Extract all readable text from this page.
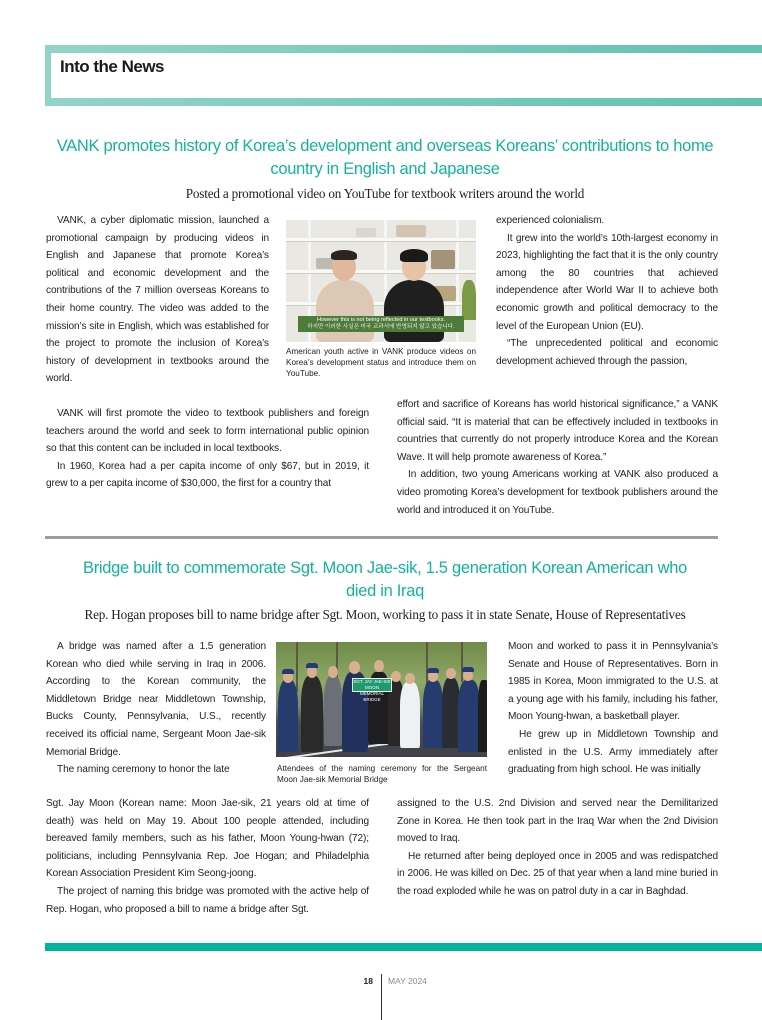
Into the News
VANK promotes history of Korea’s development and overseas Koreans’ contributions to home
country in English and Japanese
Posted a promotional video on YouTube for textbook writers around the world

VANK, a cyber diplomatic mission, launched a promotional campaign by producing videos in English and Japanese that promote Korea’s political and economic development and the contributions of the 7 million overseas Koreans to their home country. The video was added to the mission’s site in English, which was established for the project to promote the inclusion of Korea’s history of development in textbooks around the world.

However this is not being reflected in our textbooks.
하지만 이러한 사실은 미국 교과서에 반영되지 않고 있습니다.
American youth active in VANK produce videos on Korea’s development status and introduce them on YouTube.

experienced colonialism.

It grew into the world’s 10th-largest economy in 2023, highlighting the fact that it is the only country among the 80 countries that achieved independence after World War II to achieve both economic growth and political democracy to the level of the European Union (EU).

“The unprecedented political and economic development achieved through the passion,

VANK will first promote the video to textbook publishers and foreign teachers around the world and seek to form international public opinion so that this content can be included in local textbooks.

In 1960, Korea had a per capita income of only $67, but in 2019, it grew to a per capita income of $30,000, the first for a country that

effort and sacrifice of Koreans has world historical significance,” a VANK official said. “It is material that can be effectively included in textbooks in countries that currently do not properly introduce Korea and the Korean Wave. It will help promote awareness of Korea.”

In addition, two young Americans working at VANK also produced a video promoting Korea’s development for textbook publishers around the world and introduced it on YouTube.

Bridge built to commemorate Sgt. Moon Jae-sik, 1.5 generation Korean American who
died in Iraq
Rep. Hogan proposes bill to name bridge after Sgt. Moon, working to pass it in state Senate, House of Representatives

A bridge was named after a 1.5 generation Korean who died while serving in Iraq in 2006. According to the Korean community, the Middletown Bridge near Middletown Township, Bucks County, Pennsylvania, U.S., recently received its official name, Sergeant Moon Jae-sik Memorial Bridge.

The naming ceremony to honor the late

SGT. JAY JAE-SIK MOON MEMORIAL BRIDGE
Attendees of the naming ceremony for the Sergeant Moon Jae-sik Memorial Bridge

Moon and worked to pass it in Pennsylvania’s Senate and House of Representatives. Born in 1985 in Korea, Moon immigrated to the U.S. at a young age with his family, including his father, Moon Young-hwan, a basketball player.

He grew up in Middletown Township and enlisted in the U.S. Army immediately after graduating from high school. He was initially

Sgt. Jay Moon (Korean name: Moon Jae-sik, 21 years old at time of death) was held on May 19. About 100 people attended, including bereaved family members, such as his father, Moon Young-hwan (72); politicians, including Pennsylvania Rep. Joe Hogan; and Philadelphia Korean Association President Kim Seong-joong.

The project of naming this bridge was promoted with the active help of Rep. Hogan, who proposed a bill to name a bridge after Sgt.

assigned to the U.S. 2nd Division and served near the Demilitarized Zone in Korea. He then took part in the Iraq War when the 2nd Division moved to Iraq.

He returned after being deployed once in 2005 and was redispatched in 2006. He was killed on Dec. 25 of that year when a land mine buried in the road exploded while he was on patrol duty in a car in Baghdad.

18 MAY 2024
